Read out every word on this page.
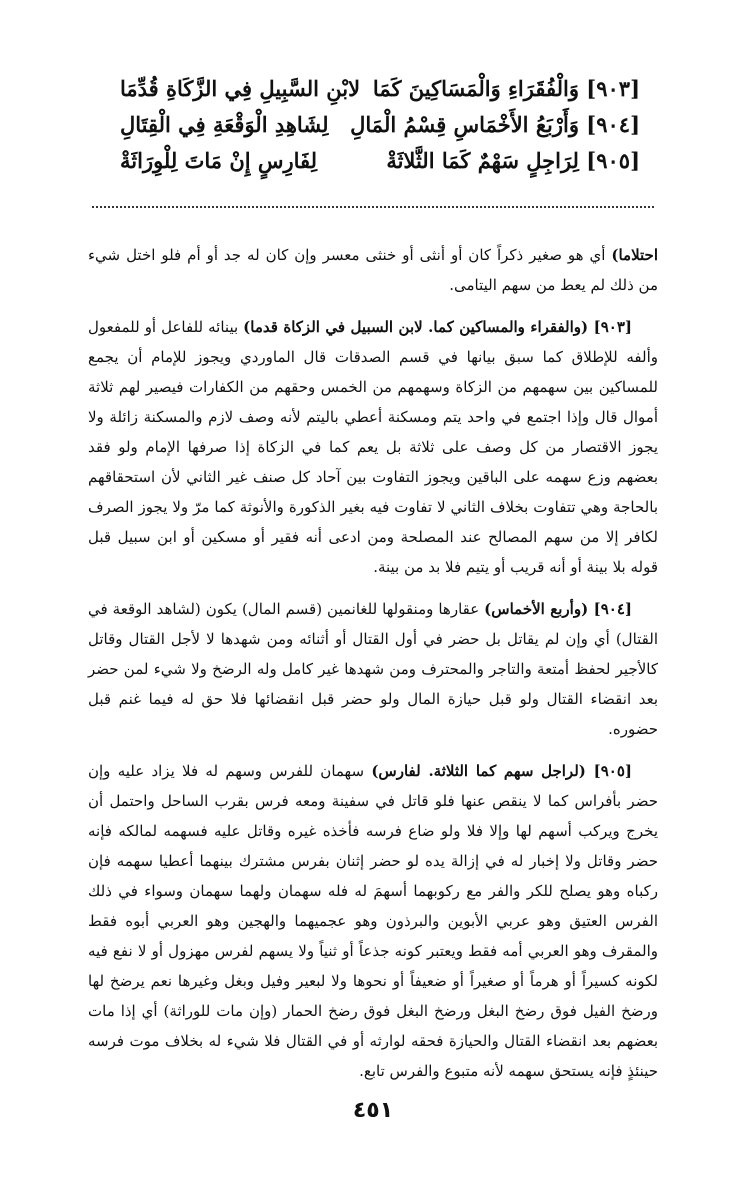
[٩٠٣] وَالْفُقَرَاءِ وَالْمَسَاكِينَ كَمَا
لابْنِ السَّبِيلِ فِي الزَّكَاةِ قُدِّمَا
[٩٠٤] وَأَرْبَعُ الأَخْمَاسِ قِسْمُ الْمَالِ
لِشَاهِدِ الْوَقْعَةِ فِي الْقِتَالِ
[٩٠٥] لِرَاجِلٍ سَهْمٌ كَمَا الثَّلاثَةْ
لِفَارِسٍ إِنْ مَاتَ لِلْوِرَاثَةْ

احتلاما) أي هو صغير ذكراً كان أو أنثى أو خنثى معسر وإن كان له جد أو أم فلو اختل شيء من ذلك لم يعط من سهم اليتامى.

[٩٠٣] (والفقراء والمساكين كما. لابن السبيل في الزكاة قدما) بينائه للفاعل أو للمفعول وألفه للإطلاق كما سبق بيانها في قسم الصدقات قال الماوردي ويجوز للإمام أن يجمع للمساكين بين سهمهم من الزكاة وسهمهم من الخمس وحقهم من الكفارات فيصير لهم ثلاثة أموال قال وإذا اجتمع في واحد يتم ومسكنة أعطي باليتم لأنه وصف لازم والمسكنة زائلة ولا يجوز الاقتصار من كل وصف على ثلاثة بل يعم كما في الزكاة إذا صرفها الإمام ولو فقد بعضهم وزع سهمه على الباقين ويجوز التفاوت بين آحاد كل صنف غير الثاني لأن استحقاقهم بالحاجة وهي تتفاوت بخلاف الثاني لا تفاوت فيه بغير الذكورة والأنوثة كما مرّ ولا يجوز الصرف لكافر إلا من سهم المصالح عند المصلحة ومن ادعى أنه فقير أو مسكين أو ابن سبيل قبل قوله بلا بينة أو أنه قريب أو يتيم فلا بد من بينة.

[٩٠٤] (وأربع الأخماس) عقارها ومنقولها للغانمين (قسم المال) يكون (لشاهد الوقعة في القتال) أي وإن لم يقاتل بل حضر في أول القتال أو أثنائه ومن شهدها لا لأجل القتال وقاتل كالأجير لحفظ أمتعة والتاجر والمحترف ومن شهدها غير كامل وله الرضخ ولا شيء لمن حضر بعد انقضاء القتال ولو قبل حيازة المال ولو حضر قبل انقضائها فلا حق له فيما غنم قبل حضوره.

[٩٠٥] (لراجل سهم كما الثلاثة. لفارس) سهمان للفرس وسهم له فلا يزاد عليه وإن حضر بأفراس كما لا ينقص عنها فلو قاتل في سفينة ومعه فرس بقرب الساحل واحتمل أن يخرج ويركب أسهم لها وإلا فلا ولو ضاع فرسه فأخذه غيره وقاتل عليه فسهمه لمالكه فإنه حضر وقاتل ولا إخبار له في إزالة يده لو حضر إثنان بفرس مشترك بينهما أعطيا سهمه فإن ركباه وهو يصلح للكر والفر مع ركوبهما أسهمَ له فله سهمان ولهما سهمان وسواء في ذلك الفرس العتيق وهو عربي الأبوين والبرذون وهو عجميهما والهجين وهو العربي أبوه فقط والمقرف وهو العربي أمه فقط ويعتبر كونه جذعاً أو ثنياً ولا يسهم لفرس مهزول أو لا نفع فيه لكونه كسيراً أو هرماً أو صغيراً أو ضعيفاً أو نحوها ولا لبعير وفيل وبغل وغيرها نعم يرضخ لها ورضخ الفيل فوق رضخ البغل ورضخ البغل فوق رضخ الحمار (وإن مات للوراثة) أي إذا مات بعضهم بعد انقضاء القتال والحيازة فحقه لوارثه أو في القتال فلا شيء له بخلاف موت فرسه حينئذٍ فإنه يستحق سهمه لأنه متبوع والفرس تابع.

٤٥١
